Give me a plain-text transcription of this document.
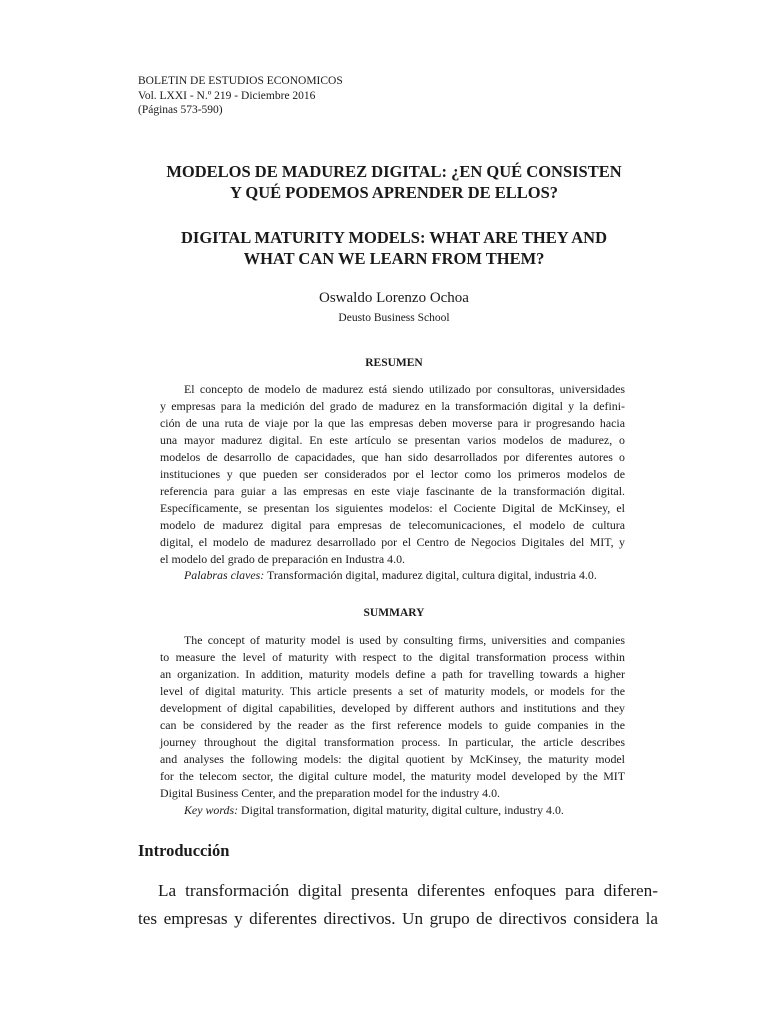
BOLETIN DE ESTUDIOS ECONOMICOS
Vol. LXXI - N.º 219 - Diciembre 2016
(Páginas 573-590)
MODELOS DE MADUREZ DIGITAL: ¿EN QUÉ CONSISTEN
Y QUÉ PODEMOS APRENDER DE ELLOS?
DIGITAL MATURITY MODELS: WHAT ARE THEY AND
WHAT CAN WE LEARN FROM THEM?
Oswaldo Lorenzo Ochoa
Deusto Business School
RESUMEN
El concepto de modelo de madurez está siendo utilizado por consultoras, universidades
y empresas para la medición del grado de madurez en la transformación digital y la defini-
ción de una ruta de viaje por la que las empresas deben moverse para ir progresando hacia
una mayor madurez digital. En este artículo se presentan varios modelos de madurez, o
modelos de desarrollo de capacidades, que han sido desarrollados por diferentes autores o
instituciones y que pueden ser considerados por el lector como los primeros modelos de
referencia para guiar a las empresas en este viaje fascinante de la transformación digital.
Específicamente, se presentan los siguientes modelos: el Cociente Digital de McKinsey, el
modelo de madurez digital para empresas de telecomunicaciones, el modelo de cultura
digital, el modelo de madurez desarrollado por el Centro de Negocios Digitales del MIT, y
el modelo del grado de preparación en Industra 4.0.
Palabras claves: Transformación digital, madurez digital, cultura digital, industria 4.0.
SUMMARY
The concept of maturity model is used by consulting firms, universities and companies
to measure the level of maturity with respect to the digital transformation process within
an organization. In addition, maturity models define a path for travelling towards a higher
level of digital maturity. This article presents a set of maturity models, or models for the
development of digital capabilities, developed by different authors and institutions and they
can be considered by the reader as the first reference models to guide companies in the
journey throughout the digital transformation process. In particular, the article describes
and analyses the following models: the digital quotient by McKinsey, the maturity model
for the telecom sector, the digital culture model, the maturity model developed by the MIT
Digital Business Center, and the preparation model for the industry 4.0.
Key words: Digital transformation, digital maturity, digital culture, industry 4.0.
Introducción
La transformación digital presenta diferentes enfoques para diferen-
tes empresas y diferentes directivos. Un grupo de directivos considera la
